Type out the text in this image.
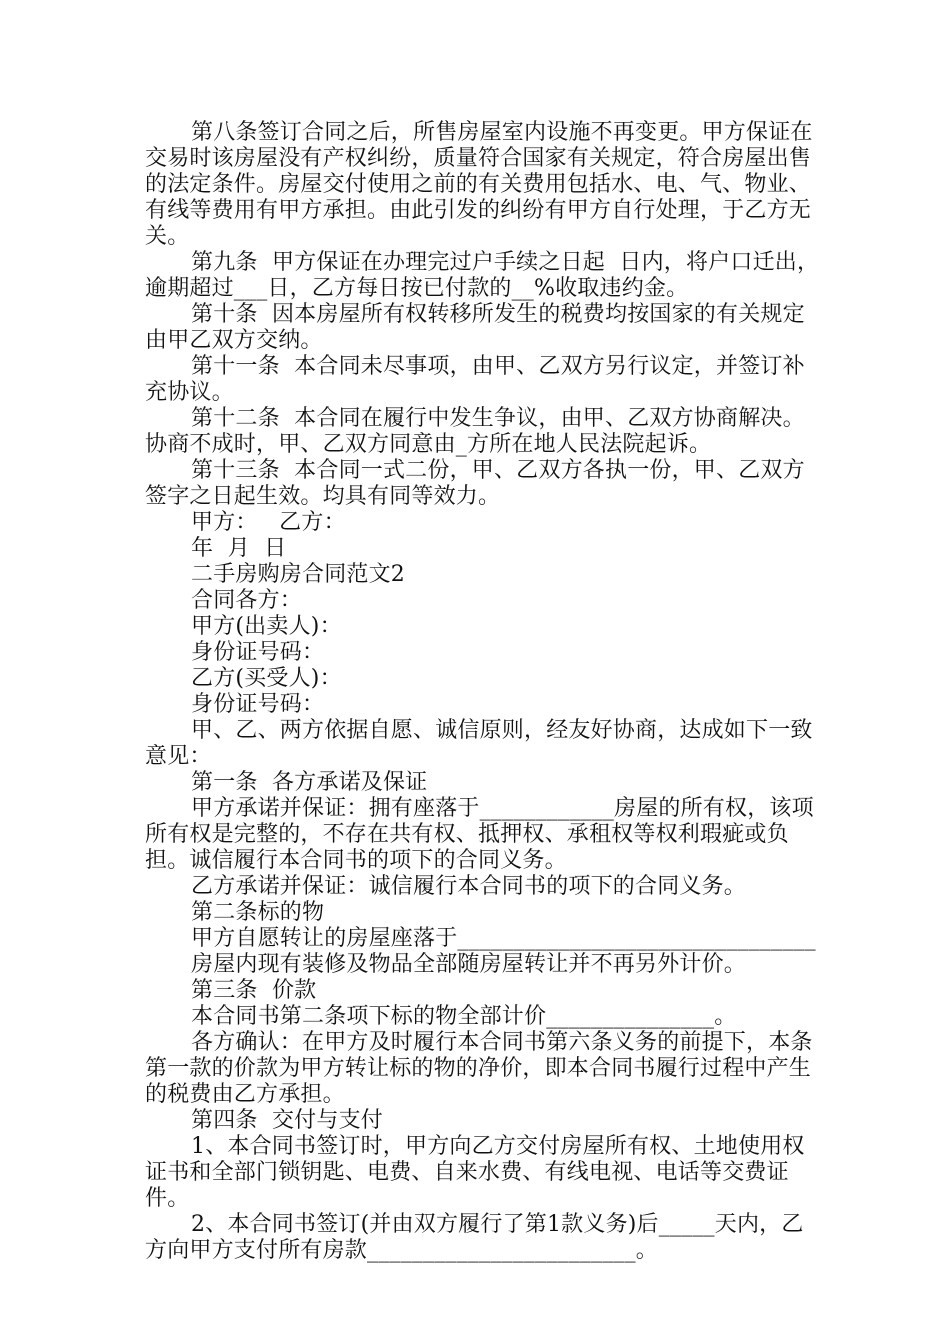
第八条签订合同之后，所售房屋室内设施不再变更。甲方保证在交易时该房屋没有产权纠纷，质量符合国家有关规定，符合房屋出售的法定条件。房屋交付使用之前的有关费用包括水、电、气、物业、有线等费用有甲方承担。由此引发的纠纷有甲方自行处理，于乙方无关。

第九条  甲方保证在办理完过户手续之日起  日内，将户口迁出，逾期超过___日，乙方每日按已付款的__%收取违约金。

第十条  因本房屋所有权转移所发生的税费均按国家的有关规定由甲乙双方交纳。

第十一条  本合同未尽事项，由甲、乙双方另行议定，并签订补充协议。

第十二条  本合同在履行中发生争议，由甲、乙双方协商解决。协商不成时，甲、乙双方同意由_方所在地人民法院起诉。

第十三条  本合同一式二份，甲、乙双方各执一份，甲、乙双方签字之日起生效。均具有同等效力。

甲方：   乙方：

年  月  日

二手房购房合同范文2

合同各方：

甲方(出卖人)：

身份证号码：

乙方(买受人)：

身份证号码：

甲、乙、两方依据自愿、诚信原则，经友好协商，达成如下一致意见：

第一条  各方承诺及保证

甲方承诺并保证：拥有座落于____________房屋的所有权，该项所有权是完整的，不存在共有权、抵押权、承租权等权利瑕疵或负担。诚信履行本合同书的项下的合同义务。

乙方承诺并保证：诚信履行本合同书的项下的合同义务。

第二条标的物

甲方自愿转让的房屋座落于________________________________

房屋内现有装修及物品全部随房屋转让并不再另外计价。

第三条  价款

本合同书第二条项下标的物全部计价_______________。

各方确认：在甲方及时履行本合同书第六条义务的前提下，本条第一款的价款为甲方转让标的物的净价，即本合同书履行过程中产生的税费由乙方承担。

第四条  交付与支付

1、本合同书签订时，甲方向乙方交付房屋所有权、土地使用权证书和全部门锁钥匙、电费、自来水费、有线电视、电话等交费证件。

2、本合同书签订(并由双方履行了第1款义务)后_____天内，乙方向甲方支付所有房款________________________。
